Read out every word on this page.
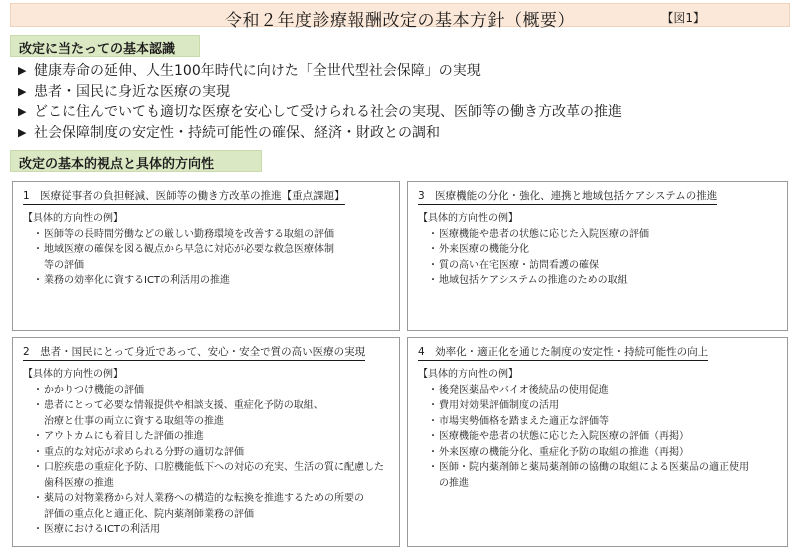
令和２年度診療報酬改定の基本方針（概要）	【図1】
改定に当たっての基本認識
▶ 健康寿命の延伸、人生100年時代に向けた「全世代型社会保障」の実現
▶ 患者・国民に身近な医療の実現
▶ どこに住んでいても適切な医療を安心して受けられる社会の実現、医師等の働き方改革の推進
▶ 社会保障制度の安定性・持続可能性の確保、経済・財政との調和
改定の基本的視点と具体的方向性
1　医療従事者の負担軽減、医師等の働き方改革の推進【重点課題】
【具体的方向性の例】
・医師等の長時間労働などの厳しい勤務環境を改善する取組の評価
・地域医療の確保を図る観点から早急に対応が必要な救急医療体制
等の評価
・業務の効率化に資するICTの利活用の推進
3　医療機能の分化・強化、連携と地域包括ケアシステムの推進
【具体的方向性の例】
・医療機能や患者の状態に応じた入院医療の評価
・外来医療の機能分化
・質の高い在宅医療・訪問看護の確保
・地域包括ケアシステムの推進のための取組
2　患者・国民にとって身近であって、安心・安全で質の高い医療の実現
【具体的方向性の例】
・かかりつけ機能の評価
・患者にとって必要な情報提供や相談支援、重症化予防の取組、
治療と仕事の両立に資する取組等の推進
・アウトカムにも着目した評価の推進
・重点的な対応が求められる分野の適切な評価
・口腔疾患の重症化予防、口腔機能低下への対応の充実、生活の質に配慮した
歯科医療の推進
・薬局の対物業務から対人業務への構造的な転換を推進するための所要の
評価の重点化と適正化、院内薬剤師業務の評価
・医療におけるICTの利活用
4　効率化・適正化を通じた制度の安定性・持続可能性の向上
【具体的方向性の例】
・後発医薬品やバイオ後続品の使用促進
・費用対効果評価制度の活用
・市場実勢価格を踏まえた適正な評価等
・医療機能や患者の状態に応じた入院医療の評価（再掲）
・外来医療の機能分化、重症化予防の取組の推進（再掲）
・医師・院内薬剤師と薬局薬剤師の協働の取組による医薬品の適正使用
の推進
